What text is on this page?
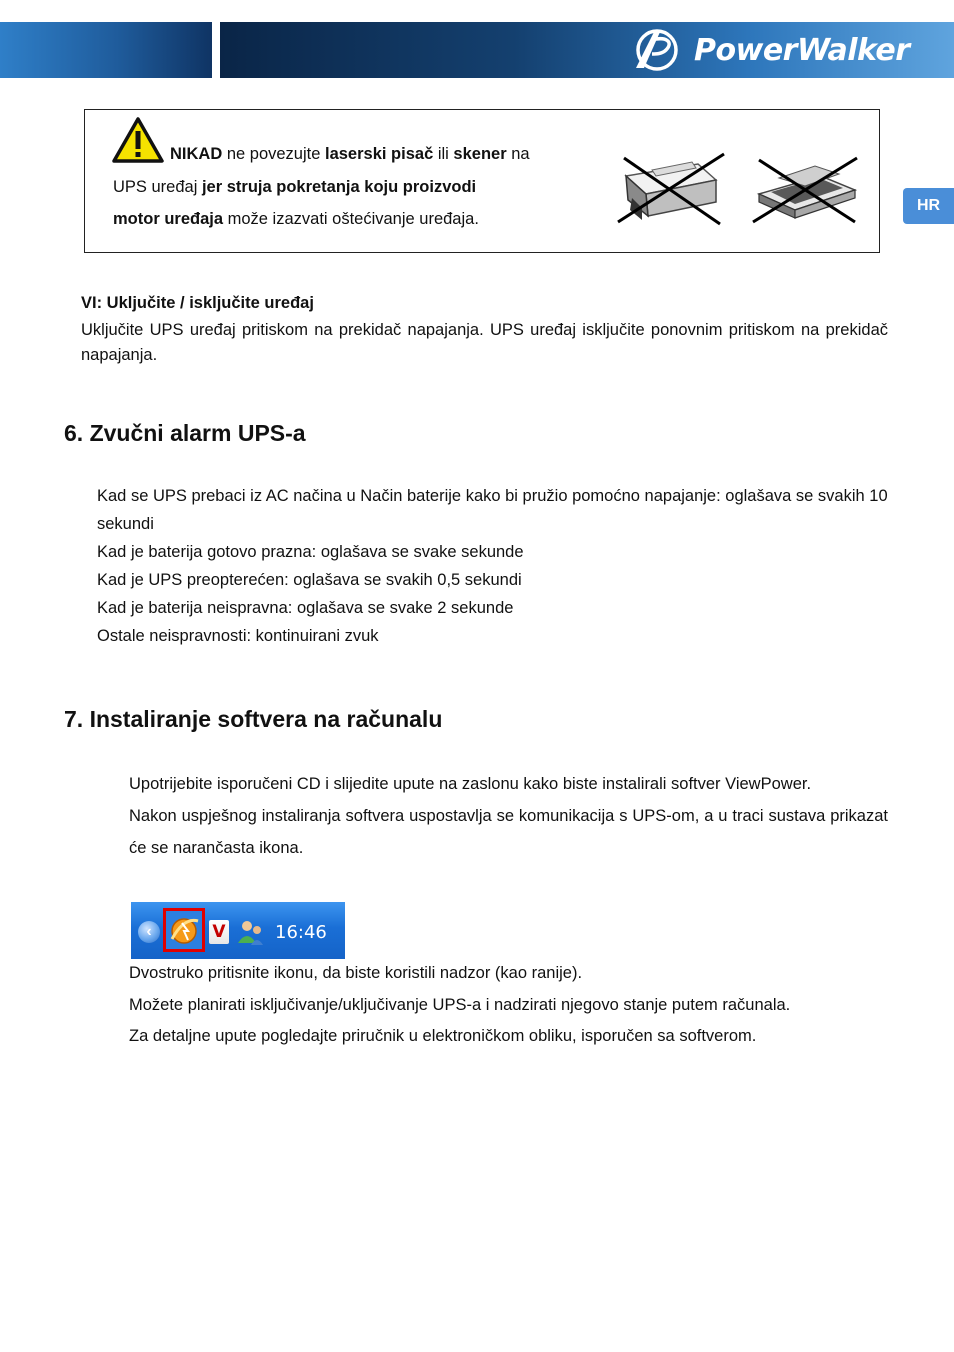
PowerWalker
HR
NIKAD ne povezujte laserski pisač ili skener na
UPS uređaj jer struja pokretanja koju proizvodi
motor uređaja može izazvati oštećivanje uređaja.
VI: Uključite / isključite uređaj
Uključite UPS uređaj pritiskom na prekidač napajanja. UPS uređaj isključite ponovnim pritiskom na prekidač napajanja.
6. Zvučni alarm UPS-a

Kad se UPS prebaci iz AC načina u Način baterije kako bi pružio pomoćno napajanje: oglašava se svakih 10 sekundi

Kad je baterija gotovo prazna: oglašava se svake sekunde

Kad je UPS preopterećen: oglašava se svakih 0,5 sekundi

Kad je baterija neispravna: oglašava se svake 2 sekunde

Ostale neispravnosti: kontinuirani zvuk

7. Instaliranje softvera na računalu

Upotrijebite isporučeni CD i slijedite upute na zaslonu kako biste instalirali softver ViewPower.

Nakon uspješnog instaliranja softvera uspostavlja se komunikacija s UPS-om, a u traci sustava prikazat će se narančasta ikona.

‹	V	16:46

Dvostruko pritisnite ikonu, da biste koristili nadzor (kao ranije).

Možete planirati isključivanje/uključivanje UPS-a i nadzirati njegovo stanje putem računala.

Za detaljne upute pogledajte priručnik u elektroničkom obliku, isporučen sa softverom.
